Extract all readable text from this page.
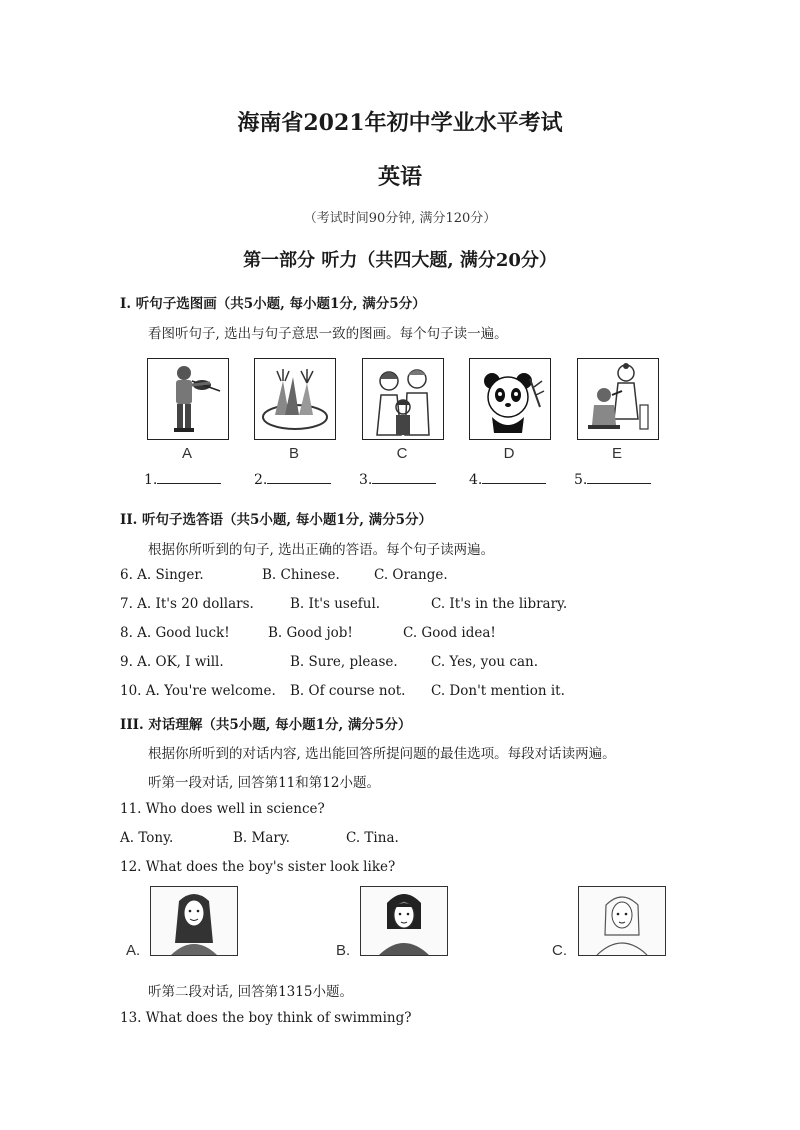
海南省2021年初中学业水平考试
英语
（考试时间90分钟, 满分120分）
第一部分 听力（共四大题, 满分20分）
I. 听句子选图画（共5小题, 每小题1分, 满分5分）
看图听句子, 选出与句子意思一致的图画。每个句子读一遍。
A	B	C	D	E
1.	2.	3.	4.	5.
II. 听句子选答语（共5小题, 每小题1分, 满分5分）
根据你所听到的句子, 选出正确的答语。每个句子读两遍。
6. A. Singer.	B. Chinese.	C. Orange.
7. A. It's 20 dollars.	B. It's useful.	C. It's in the library.
8. A. Good luck!	B. Good job!	C. Good idea!
9. A. OK, I will.	B. Sure, please. C. Yes, you can.
10. A. You're welcome. B. Of course not. C. Don't mention it.
III. 对话理解（共5小题, 每小题1分, 满分5分）
根据你所听到的对话内容, 选出能回答所提问题的最佳选项。每段对话读两遍。
听第一段对话, 回答第11和第12小题。
11. Who does well in science?
A. Tony.	B. Mary.	C. Tina.
12. What does the boy's sister look like?
A.	B.	C.
听第二段对话, 回答第1315小题。
13. What does the boy think of swimming?
